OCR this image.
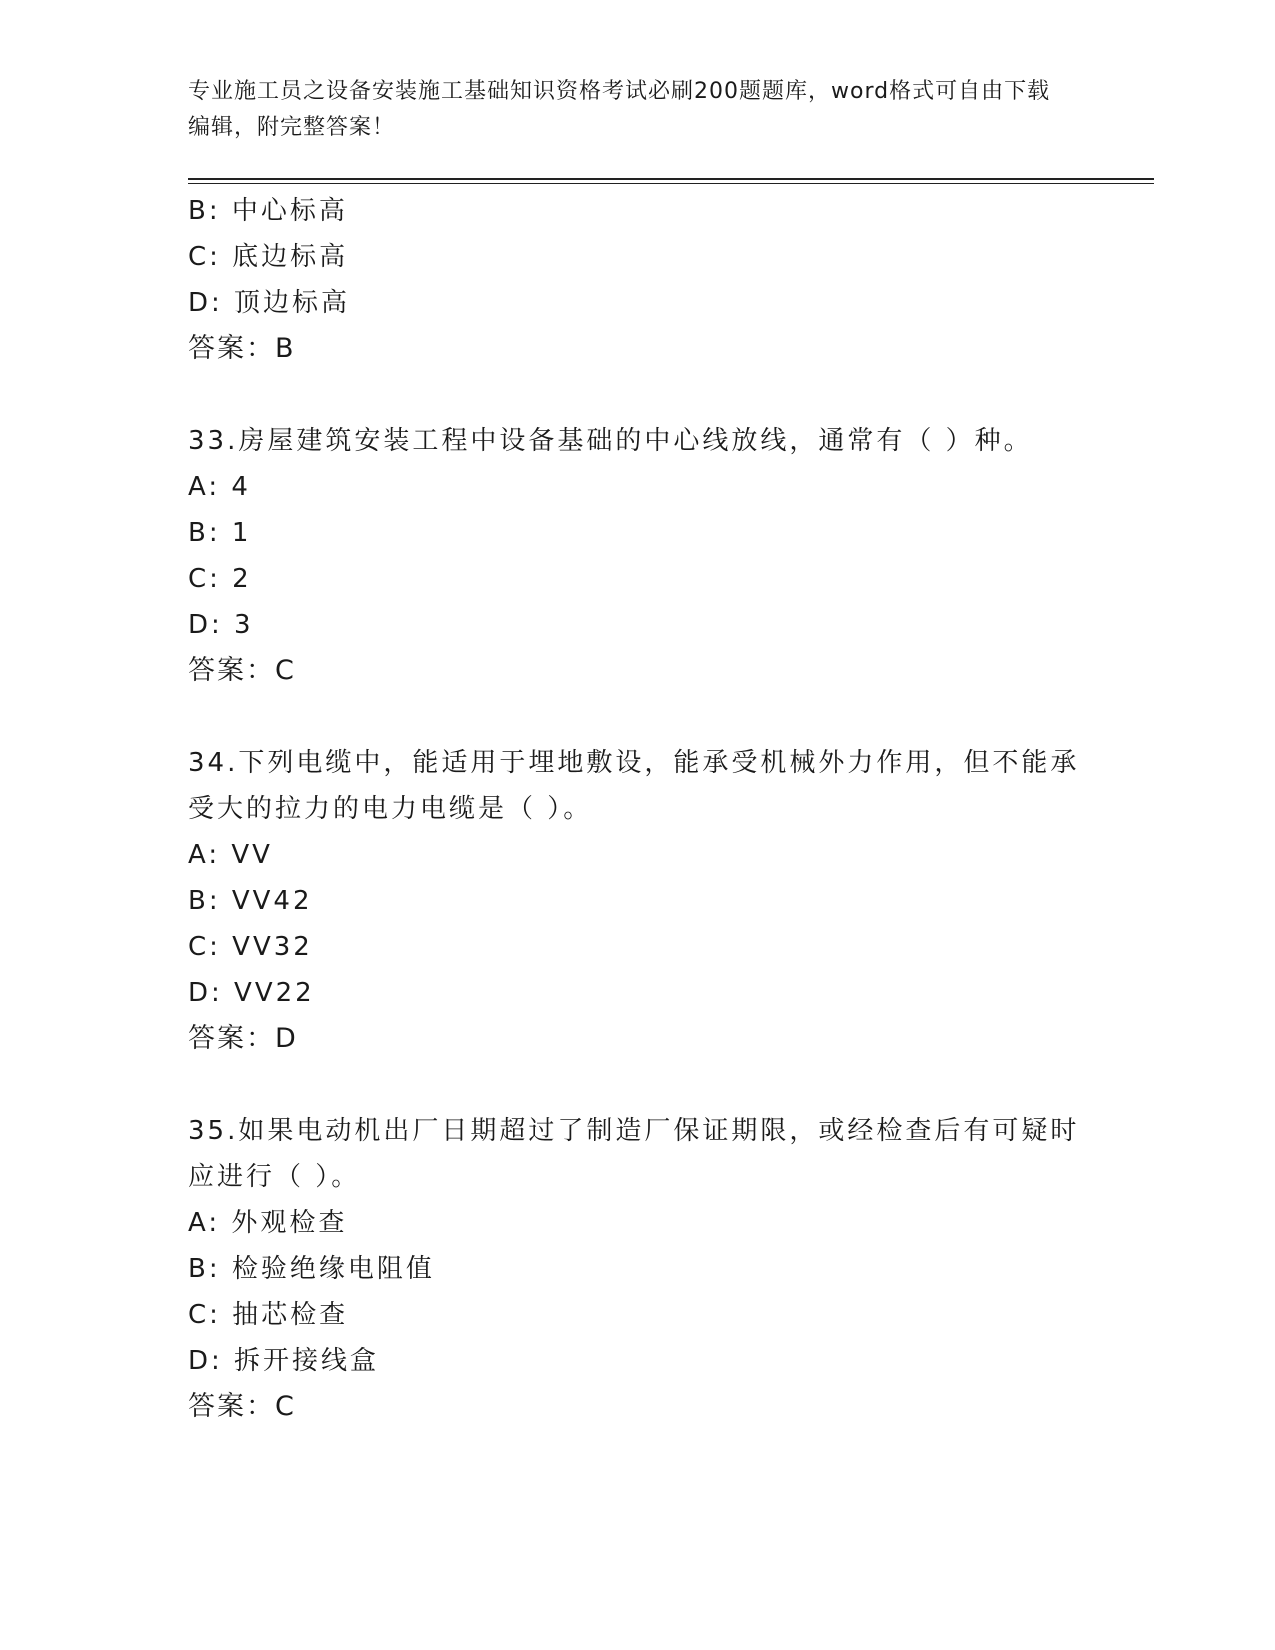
专业施工员之设备安装施工基础知识资格考试必刷200题题库，word格式可自由下载编辑，附完整答案！
B: 中心标高
C: 底边标高
D: 顶边标高
答案：B
33.房屋建筑安装工程中设备基础的中心线放线，通常有（ ）种。
A: 4
B: 1
C: 2
D: 3
答案：C
34.下列电缆中，能适用于埋地敷设，能承受机械外力作用，但不能承受大的拉力的电力电缆是（ ）。
A: VV
B: VV42
C: VV32
D: VV22
答案：D
35.如果电动机出厂日期超过了制造厂保证期限，或经检查后有可疑时应进行（ ）。
A: 外观检查
B: 检验绝缘电阻值
C: 抽芯检查
D: 拆开接线盒
答案：C
